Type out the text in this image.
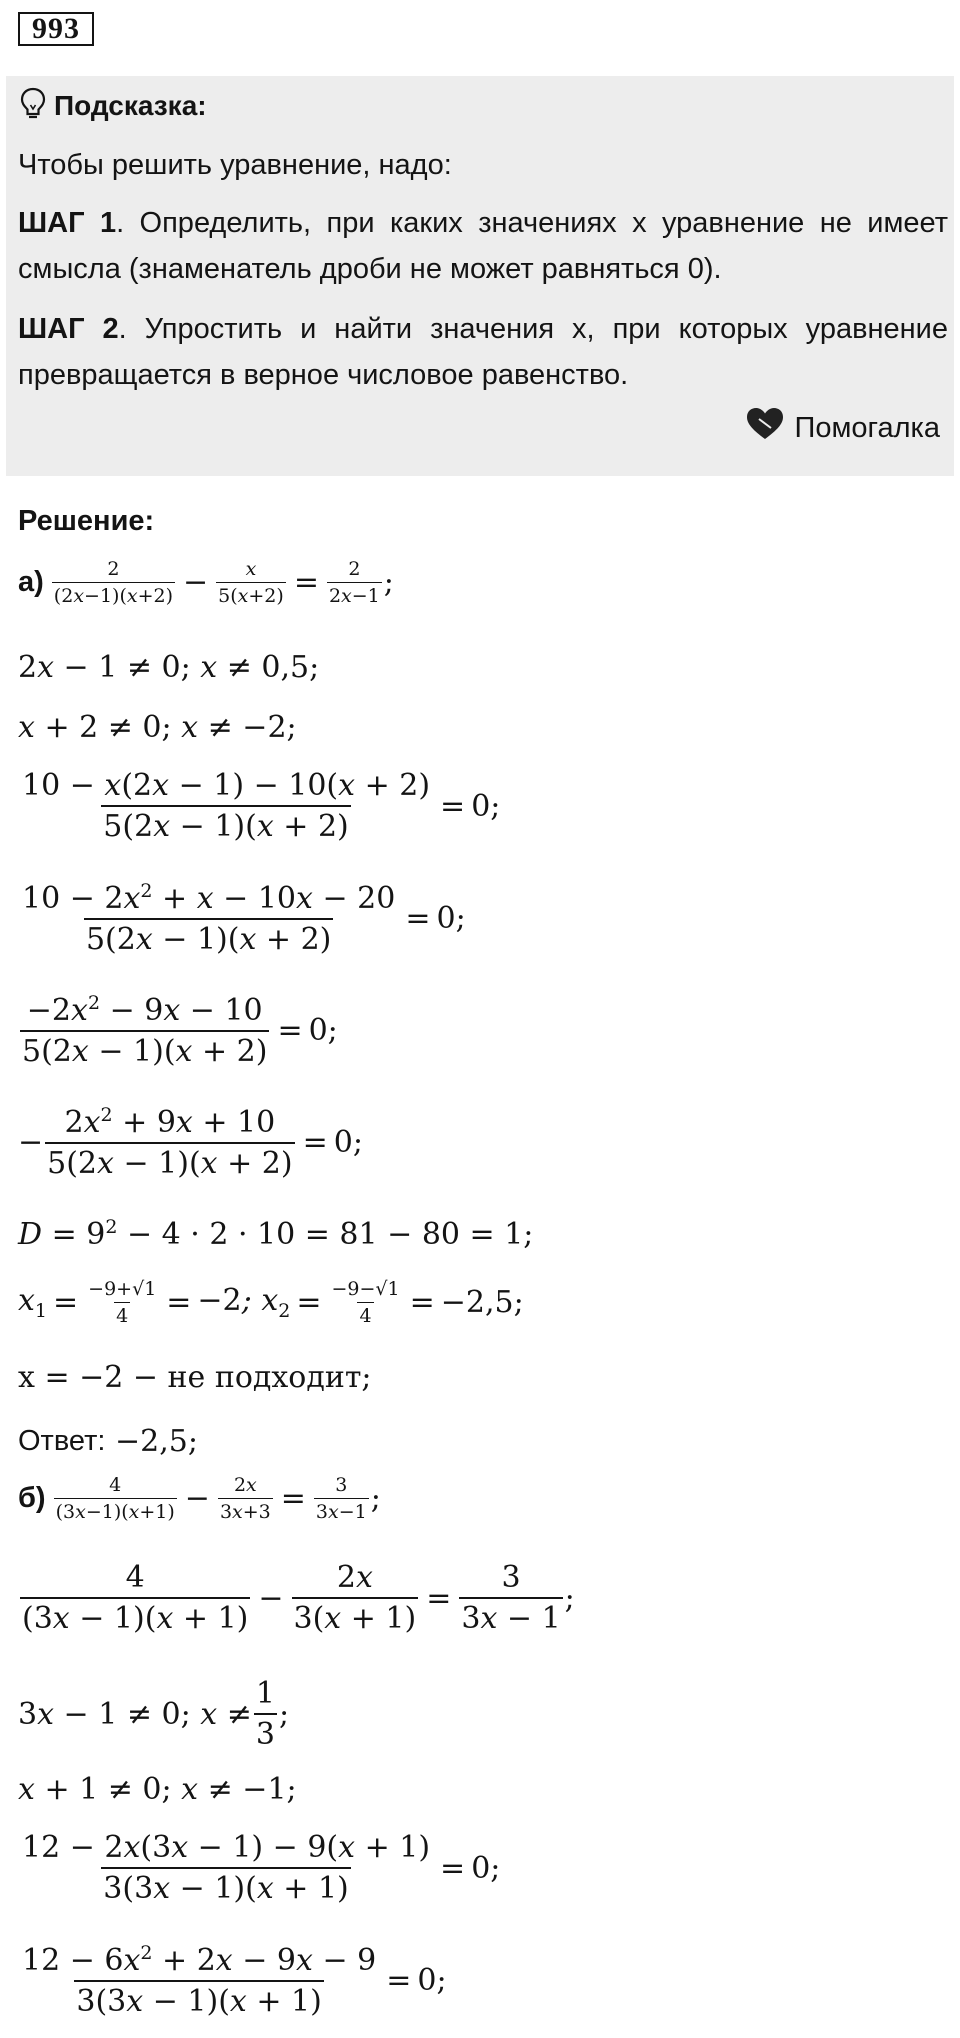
993
Подсказка:
Чтобы решить уравнение, надо:
ШАГ 1. Определить, при каких значениях x уравнение не имеет смысла (знаменатель дроби не может равняться 0).
ШАГ 2. Упростить и найти значения x, при которых уравнение превращается в верное числовое равенство.
Помогалка
Решение:
$а) \frac{2}{(2x-1)(x+2)} - \frac{x}{5(x+2)} = \frac{2}{2x-1}$ ;
2x − 1 ≠ 0; x ≠ 0,5;
x + 2 ≠ 0; x ≠ −2;
$\frac{10 - x(2x - 1) - 10(x + 2)}{5(2x - 1)(x + 2)} = 0$;
$\frac{10 - 2x^2 + x - 10x - 20}{5(2x - 1)(x + 2)} = 0$;
$\frac{-2x^2 - 9x - 10}{5(2x - 1)(x + 2)} = 0$;
− $\frac{2x^2 + 9x + 10}{5(2x - 1)(x + 2)} = 0$;
$D = 9^2 - 4 \cdot 2 \cdot 10 = 81 - 80 = 1$;
$x_1 = \frac{-9+√1}{4} = -2$; $x_2 = \frac{-9-√1}{4} = -2,5$;
x = −2 − не подходит;
Ответ:
−2,5;
$б) \frac{4}{(3x-1)(x+1)} - \frac{2x}{3x+3} = \frac{3}{3x-1}$ ;
$\frac{4}{(3x - 1)(x + 1)} - \frac{2x}{3(x + 1)} = \frac{3}{3x - 1}$ ;
3x − 1 ≠ 0; $x \ne \frac{1}{3}$ ;
x + 1 ≠ 0; x ≠ −1;
$\frac{12 - 2x(3x - 1) - 9(x + 1)}{3(3x - 1)(x + 1)} = 0$;
$\frac{12 - 6x^2 + 2x - 9x - 9}{3(3x - 1)(x + 1)} = 0$;
